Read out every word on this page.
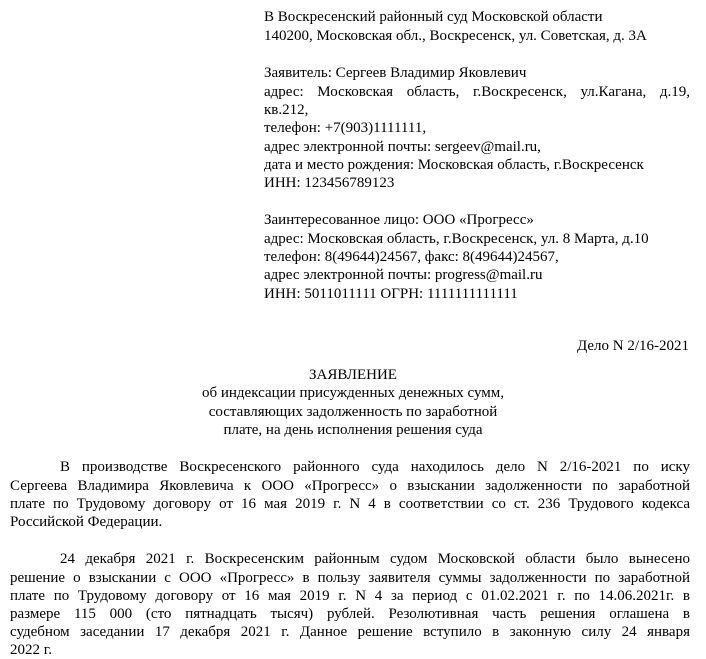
В Воскресенский районный суд Московской области
140200, Московская обл., Воскресенск, ул. Советская, д. 3А
Заявитель: Сергеев Владимир Яковлевич
адрес: Московская область, г.Воскресенск, ул.Кагана, д.19,
кв.212,
телефон: +7(903)1111111,
адрес электронной почты: sergeev@mail.ru,
дата и место рождения: Московская область, г.Воскресенск
ИНН: 123456789123
Заинтересованное лицо: ООО «Прогресс»
адрес: Московская область, г.Воскресенск, ул. 8 Марта, д.10
телефон: 8(49644)24567, факс: 8(49644)24567,
адрес электронной почты: progress@mail.ru
ИНН: 5011011111 ОГРН: 1111111111111
Дело N 2/16-2021
ЗАЯВЛЕНИЕ
об индексации присужденных денежных сумм,
составляющих задолженность по заработной
плате, на день исполнения решения суда
В производстве Воскресенского районного суда находилось дело N 2/16-2021 по иску
Сергеева Владимира Яковлевича к ООО «Прогресс» о взыскании задолженности по заработной
плате по Трудовому договору от 16 мая 2019 г. N 4 в соответствии со ст. 236 Трудового кодекса
Российской Федерации.
24 декабря 2021 г. Воскресенским районным судом Московской области было вынесено
решение о взыскании с ООО «Прогресс» в пользу заявителя суммы задолженности по заработной
плате по Трудовому договору от 16 мая 2019 г. N 4 за период с 01.02.2021 г. по 14.06.2021г. в
размере 115 000 (сто пятнадцать тысяч) рублей. Резолютивная часть решения оглашена в
судебном заседании 17 декабря 2021 г. Данное решение вступило в законную силу 24 января
2022 г.
